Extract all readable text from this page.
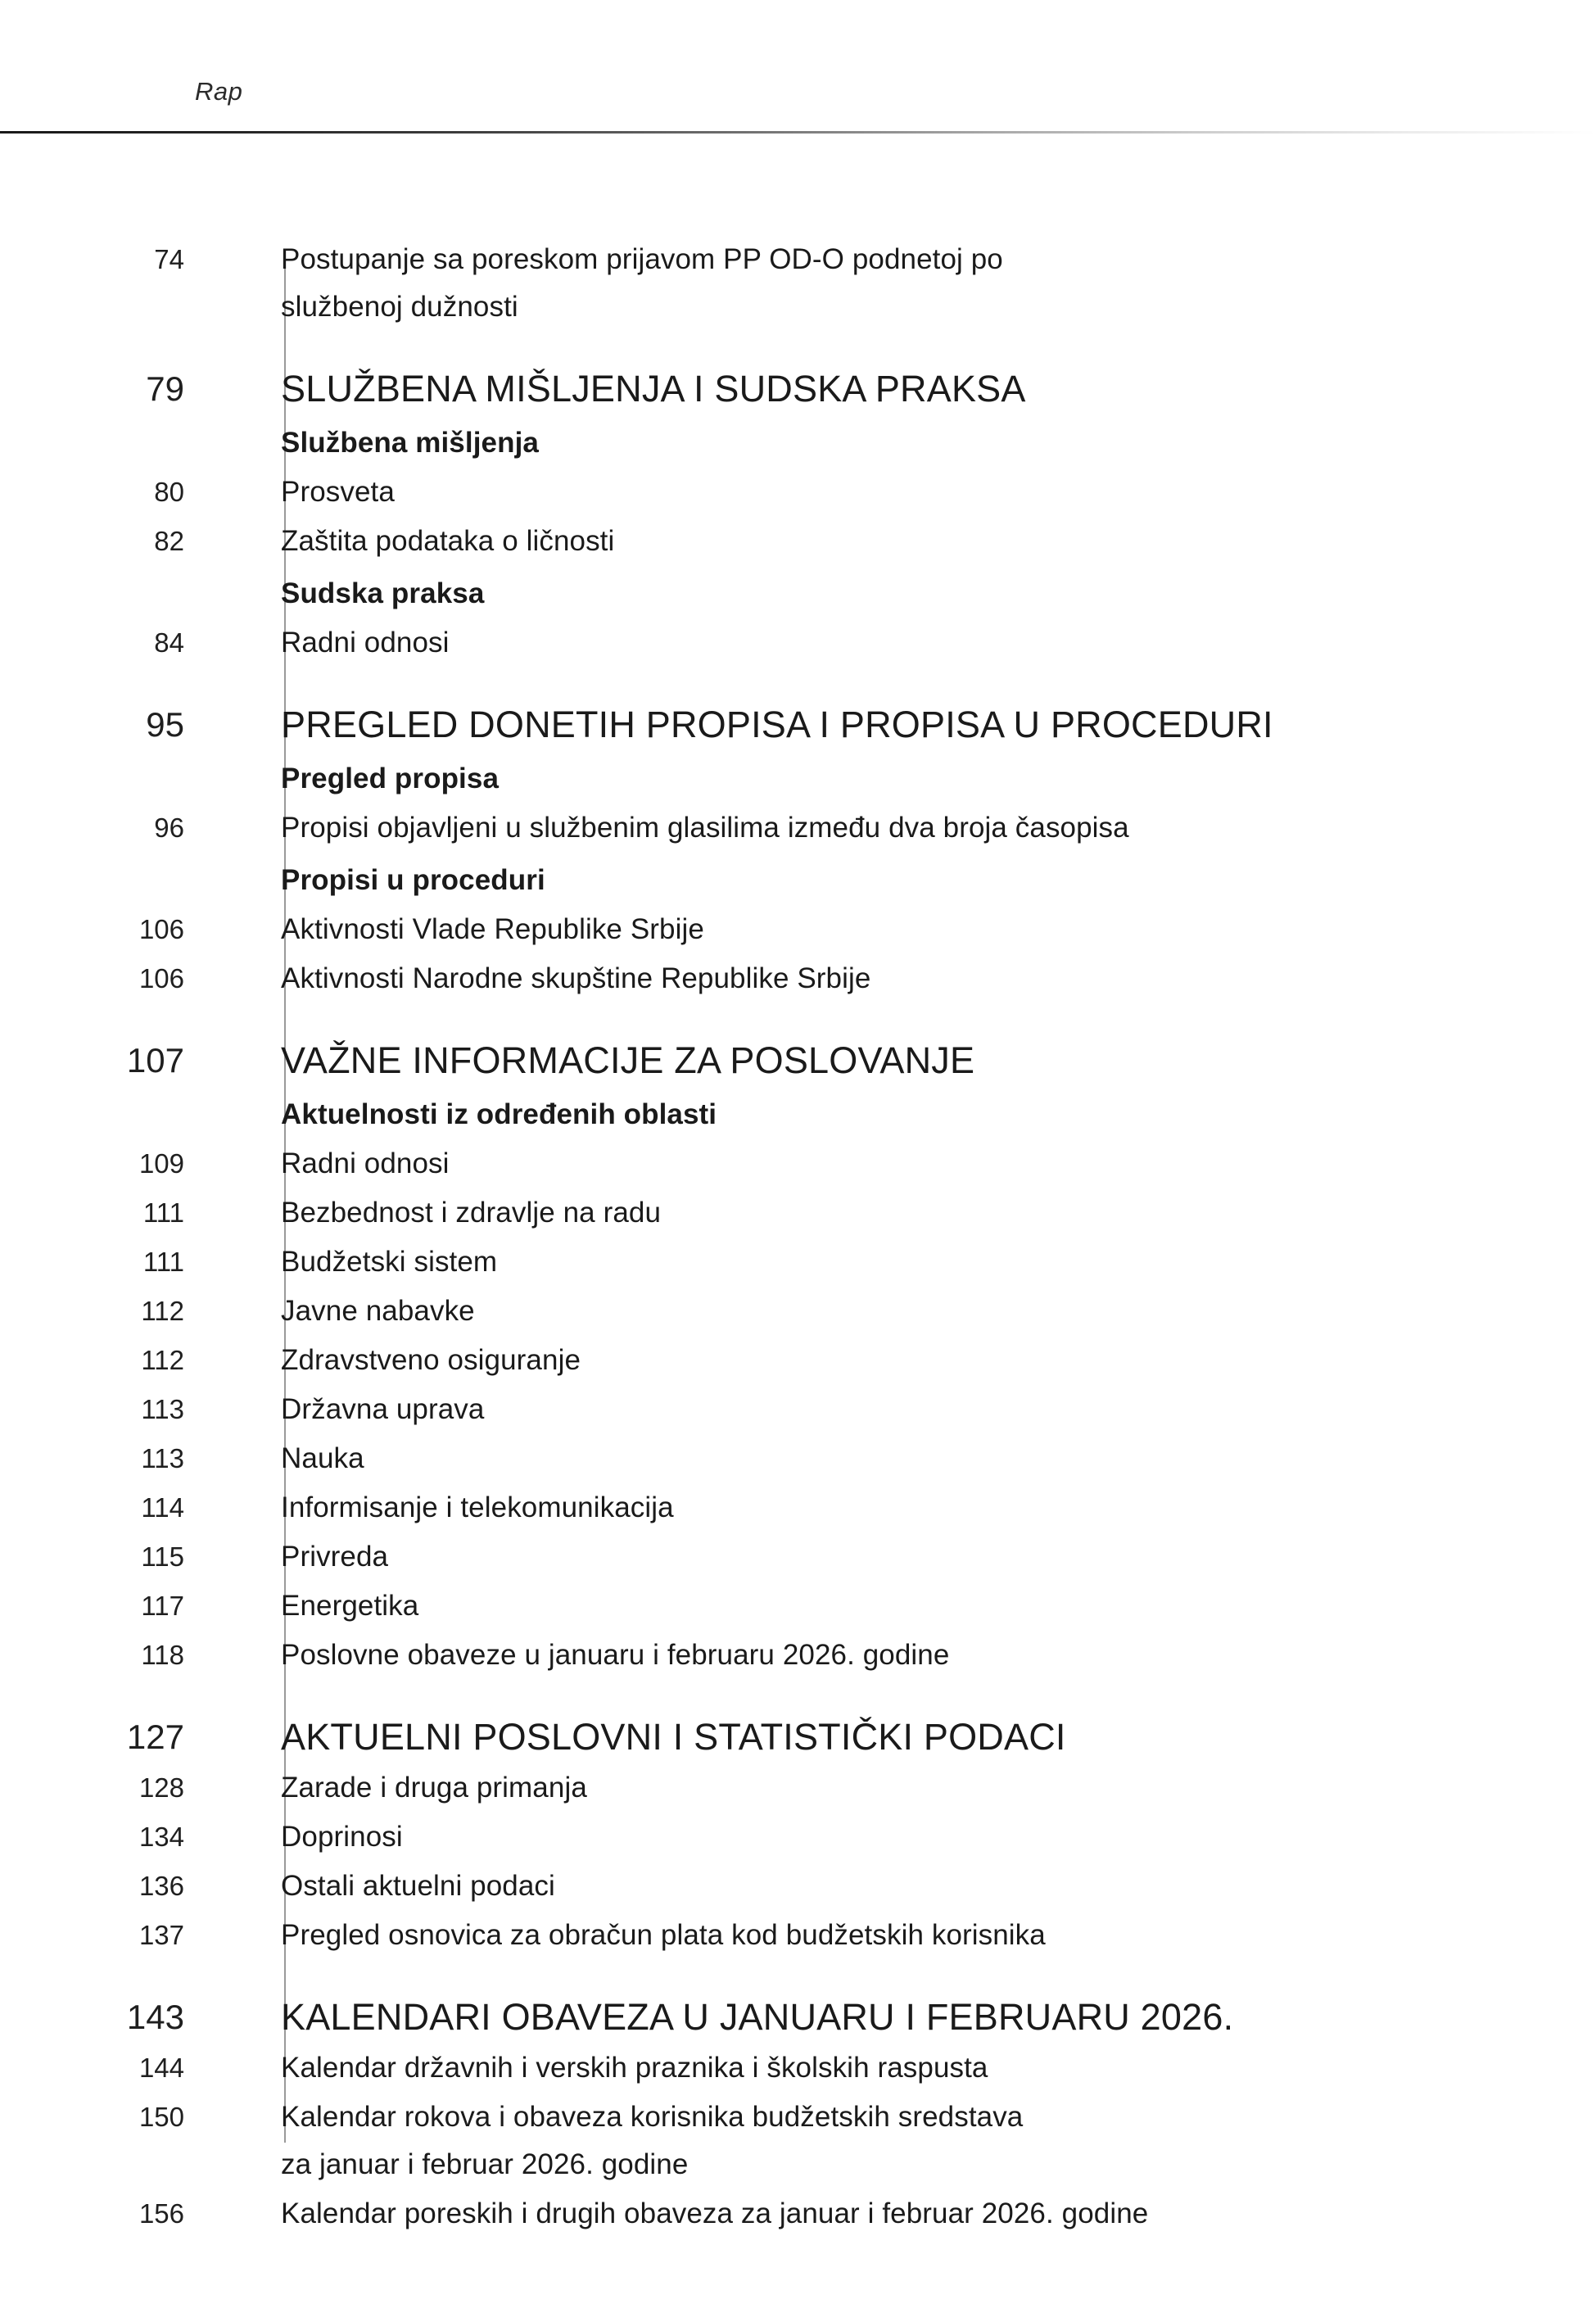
Rap
74	Postupanje sa poreskom prijavom PP OD-O podnetoj po
službenoj dužnosti
79	SLUŽBENA MIŠLJENJA I SUDSKA PRAKSA
Službena mišljenja
80	Prosveta
82	Zaštita podataka o ličnosti
Sudska praksa
84	Radni odnosi
95	PREGLED DONETIH PROPISA I PROPISA U PROCEDURI
Pregled propisa
96	Propisi objavljeni u službenim glasilima između dva broja časopisa
Propisi u proceduri
106	Aktivnosti Vlade Republike Srbije
106	Aktivnosti Narodne skupštine Republike Srbije
107	VAŽNE INFORMACIJE ZA POSLOVANJE
Aktuelnosti iz određenih oblasti
109	Radni odnosi
111	Bezbednost i zdravlje na radu
111	Budžetski sistem
112	Javne nabavke
112	Zdravstveno osiguranje
113	Državna uprava
113	Nauka
114	Informisanje i telekomunikacija
115	Privreda
117	Energetika
118	Poslovne obaveze u januaru i februaru 2026. godine
127	AKTUELNI POSLOVNI I STATISTIČKI PODACI
128	Zarade i druga primanja
134	Doprinosi
136	Ostali aktuelni podaci
137	Pregled osnovica za obračun plata kod budžetskih korisnika
143	KALENDARI OBAVEZA U JANUARU I FEBRUARU 2026.
144	Kalendar državnih i verskih praznika i školskih raspusta
150	Kalendar rokova i obaveza korisnika budžetskih sredstava
za januar i februar 2026. godine
156	Kalendar poreskih i drugih obaveza za januar i februar 2026. godine
